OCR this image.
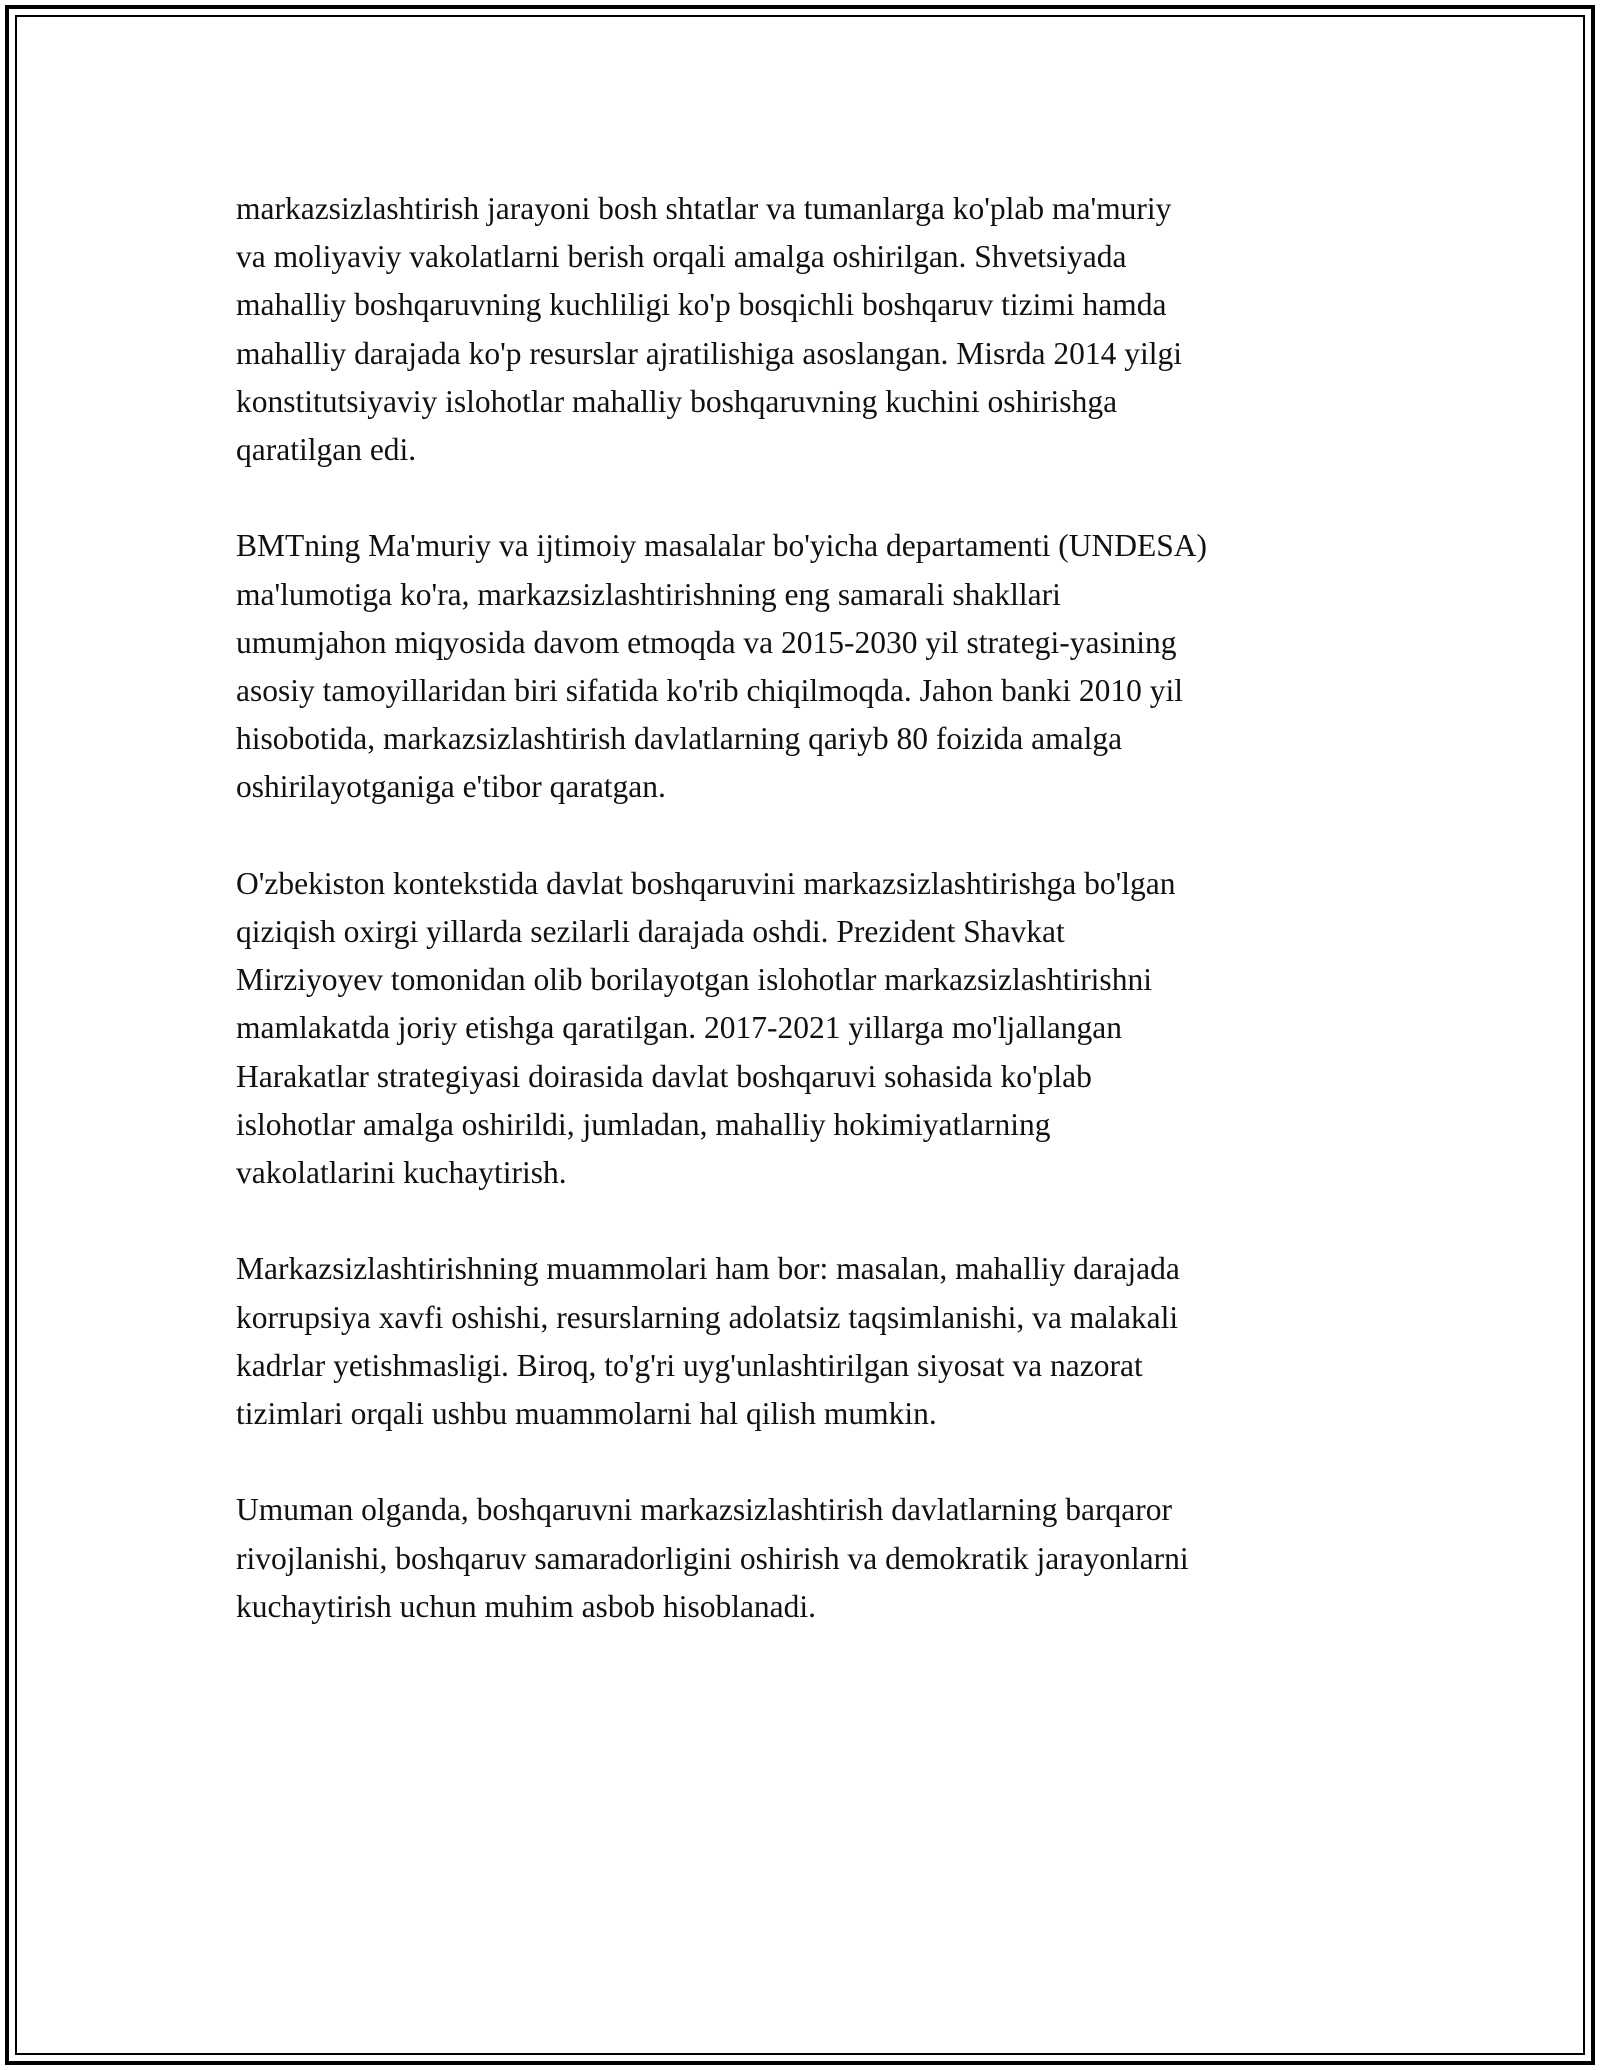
markazsizlashtirish jarayoni bosh shtatlar va tumanlarga ko'plab ma'muriy
va moliyaviy vakolatlarni berish orqali amalga oshirilgan. Shvetsiyada
mahalliy boshqaruvning kuchliligi ko'p bosqichli boshqaruv tizimi hamda
mahalliy darajada ko'p resurslar ajratilishiga asoslangan. Misrda 2014 yilgi
konstitutsiyaviy islohotlar mahalliy boshqaruvning kuchini oshirishga
qaratilgan edi.

BMTning Ma'muriy va ijtimoiy masalalar bo'yicha departamenti (UNDESA)
ma'lumotiga ko'ra, markazsizlashtirishning eng samarali shakllari
umumjahon miqyosida davom etmoqda va 2015-2030 yil strategi-yasining
asosiy tamoyillaridan biri sifatida ko'rib chiqilmoqda. Jahon banki 2010 yil
hisobotida, markazsizlashtirish davlatlarning qariyb 80 foizida amalga
oshirilayotganiga e'tibor qaratgan.

O'zbekiston kontekstida davlat boshqaruvini markazsizlashtirishga bo'lgan
qiziqish oxirgi yillarda sezilarli darajada oshdi. Prezident Shavkat
Mirziyoyev tomonidan olib borilayotgan islohotlar markazsizlashtirishni
mamlakatda joriy etishga qaratilgan. 2017-2021 yillarga mo'ljallangan
Harakatlar strategiyasi doirasida davlat boshqaruvi sohasida ko'plab
islohotlar amalga oshirildi, jumladan, mahalliy hokimiyatlarning
vakolatlarini kuchaytirish.

Markazsizlashtirishning muammolari ham bor: masalan, mahalliy darajada
korrupsiya xavfi oshishi, resurslarning adolatsiz taqsimlanishi, va malakali
kadrlar yetishmasligi. Biroq, to'g'ri uyg'unlashtirilgan siyosat va nazorat
tizimlari orqali ushbu muammolarni hal qilish mumkin.

Umuman olganda, boshqaruvni markazsizlashtirish davlatlarning barqaror
rivojlanishi, boshqaruv samaradorligini oshirish va demokratik jarayonlarni
kuchaytirish uchun muhim asbob hisoblanadi.
